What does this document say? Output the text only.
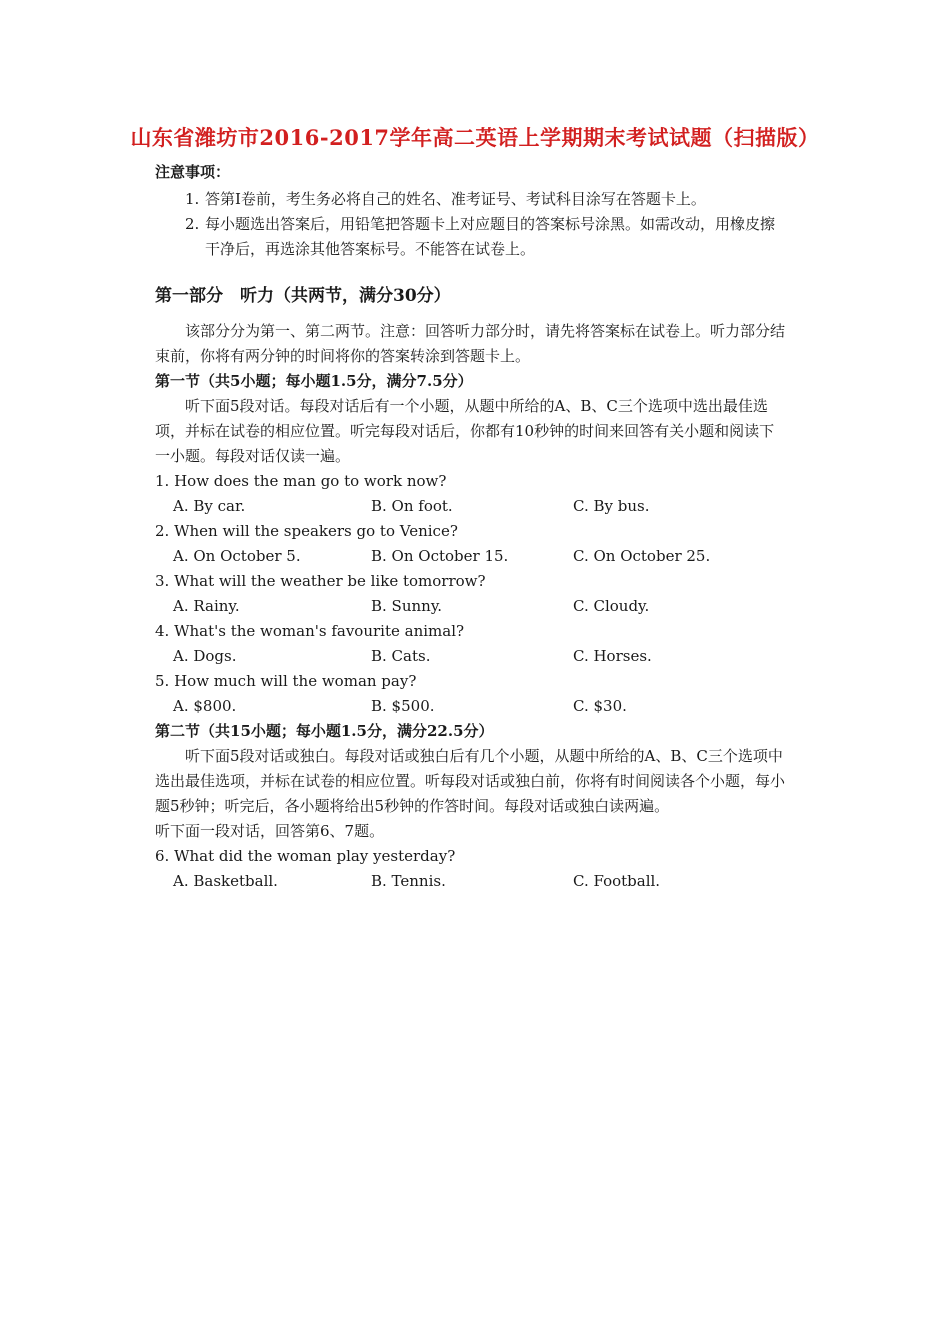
山东省潍坊市2016-2017学年高二英语上学期期末考试试题（扫描版）
注意事项：
1. 答第Ⅰ卷前，考生务必将自己的姓名、准考证号、考试科目涂写在答题卡上。
2. 每小题选出答案后，用铅笔把答题卡上对应题目的答案标号涂黑。如需改动，用橡皮擦干净后，再选涂其他答案标号。不能答在试卷上。
第一部分　听力（共两节，满分30分）
该部分分为第一、第二两节。注意：回答听力部分时，请先将答案标在试卷上。听力部分结束前，你将有两分钟的时间将你的答案转涂到答题卡上。
第一节（共5小题；每小题1.5分，满分7.5分）
听下面5段对话。每段对话后有一个小题，从题中所给的A、B、C三个选项中选出最佳选项，并标在试卷的相应位置。听完每段对话后，你都有10秒钟的时间来回答有关小题和阅读下一小题。每段对话仅读一遍。
1. How does the man go to work now?
A. By car.	B. On foot.	C. By bus.
2. When will the speakers go to Venice?
A. On October 5.	B. On October 15.	C. On October 25.
3. What will the weather be like tomorrow?
A. Rainy.	B. Sunny.	C. Cloudy.
4. What's the woman's favourite animal?
A. Dogs.	B. Cats.	C. Horses.
5. How much will the woman pay?
A. $800.	B. $500.	C. $30.
第二节（共15小题；每小题1.5分，满分22.5分）
听下面5段对话或独白。每段对话或独白后有几个小题，从题中所给的A、B、C三个选项中选出最佳选项，并标在试卷的相应位置。听每段对话或独白前，你将有时间阅读各个小题，每小题5秒钟；听完后，各小题将给出5秒钟的作答时间。每段对话或独白读两遍。
听下面一段对话，回答第6、7题。
6. What did the woman play yesterday?
A. Basketball.	B. Tennis.	C. Football.
